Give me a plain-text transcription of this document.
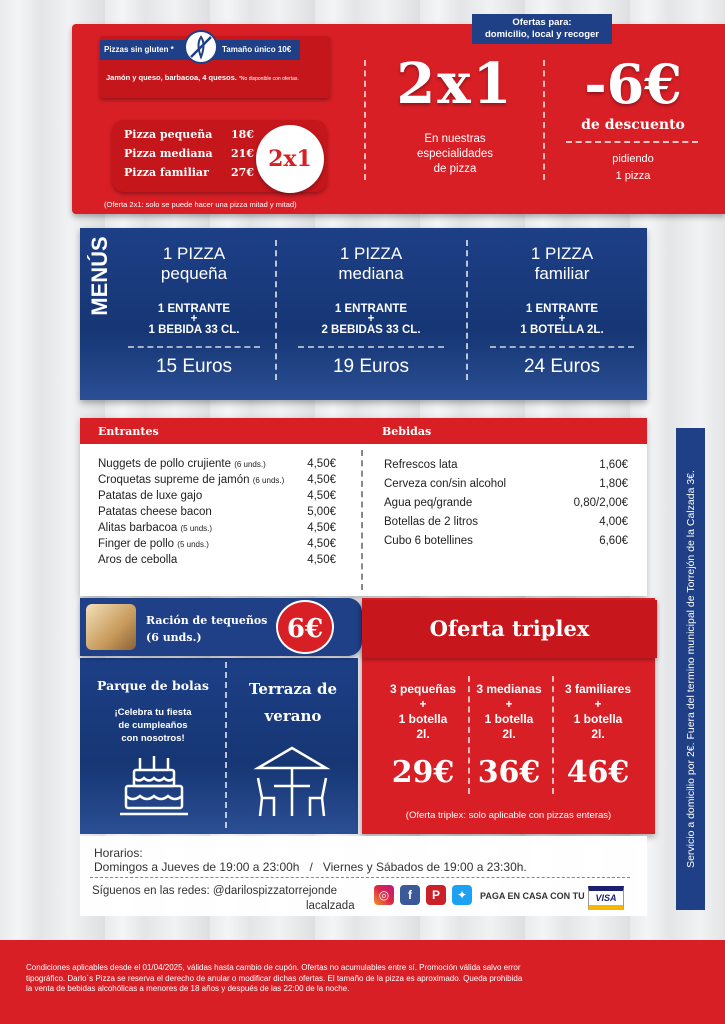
Pizzas sin gluten *	Tamaño único 10€
Jamón y queso, barbacoa, 4 quesos. *No disponible con ofertas.
Pizza pequeña 18€
Pizza mediana 21€
Pizza familiar 27€
2x1
(Oferta 2x1: solo se puede hacer una pizza mitad y mitad)
Ofertas para:
domicilio, local y recoger
2x1
En nuestras
especialidades
de pizza
-6€
de descuento
pidiendo
1 pizza
MENÚS	1 PIZZA
pequeña
1 ENTRANTE
+
1 BEBIDA 33 CL.
15 Euros
1 PIZZA
mediana
1 ENTRANTE
+
2 BEBIDAS 33 CL.
19 Euros
1 PIZZA
familiar
1 ENTRANTE
+
1 BOTELLA 2L.
24 Euros
Entrantes	Bebidas
Nuggets de pollo crujiente (6 unds.)	4,50€
Croquetas supreme de jamón (6 unds.) 4,50€
Patatas de luxe gajo	4,50€
Patatas cheese bacon	5,00€
Alitas barbacoa (5 unds.)	4,50€
Finger de pollo (5 unds.)	4,50€
Aros de cebolla	4,50€
Refrescos lata	1,60€
Cerveza con/sin alcohol	1,80€
Agua peq/grande	0,80/2,00€
Botellas de 2 litros	4,00€
Cubo 6 botellines	6,60€
Ración de tequeños
(6 unds.)	6€
Parque de bolas
¡Celebra tu fiesta
de cumpleaños
con nosotros!
Terraza de
verano
Oferta triplex
3 pequeñas
+
1 botella
2l.
29€
3 medianas
+
1 botella
2l.
36€
3 familiares
+
1 botella
2l.
46€
(Oferta triplex: solo aplicable con pizzas enteras)
Horarios:
Domingos a Jueves de 19:00 a 23:00h   /   Viernes y Sábados de 19:00 a 23:30h.
Síguenos en las redes: @darilospizzatorrejonde
lacalzada
◎	f	P	✦	PAGA EN CASA CON TU	VISA
Servicio a domicilio por 2€. Fuera del termino municipal de Torrejón de la Calzada 3€.
Condiciones aplicables desde el 01/04/2025, válidas hasta cambio de cupón. Ofertas no acumulables entre sí. Promoción válida salvo error
tipográfico. Darlo´s Pizza se reserva el derecho de anular o modificar dichas ofertas. El tamaño de la pizza es aproximado. Queda prohibida
la venta de bebidas alcohólicas a menores de 18 años y después de las 22:00 de la noche.
